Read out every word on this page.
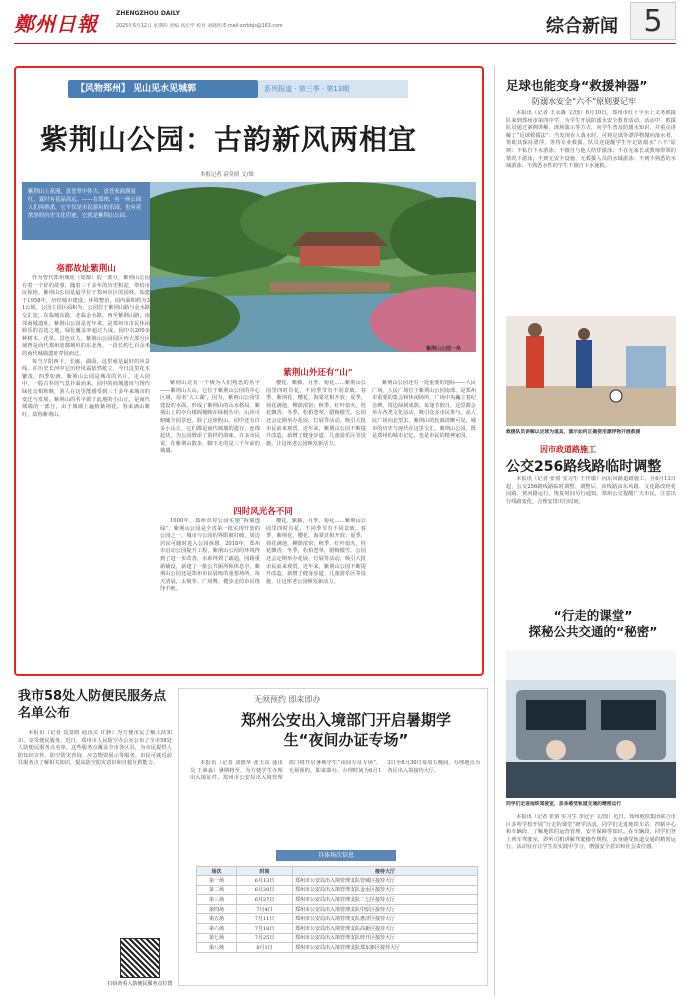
鄭州日報	ZHENGZHOU DAILY
2025年6月12日 星期四 责编 高宏学 校对 刘晓明 E-mail:zzrbbjs@163.com	综合新闻 5
【风物郑州】 见山见水见城郭	系列报道 · 第三季 · 第13期
紫荆山公园：古韵新风两相宜
本报记者 袁莫晴 文/图
紫荆山上花漫，意苍翠中怀古，意苍家韵满曼红，夏时有花晶高远。——在郑州，有一座公园人们再熟悉，它不仅是市民游玩的乐园，也有着浓厚的历史文化印迹，它就是紫荆山公园。
紫荆山公园一角
亳都故址紫荆山

作为曾代郑州城址（亳都）的一部分，紫荆山公园有着一个好的故事，随着三千多年的历史积淀，带给市民惊艳。紫荆山公园是最早位于郑州市区的园林，始建于1958年，历经城市建设、环境整治，园内面积约为31公顷，公园主园区面积为。公园位于紫荆山路与金水路交汇处，东临城东路，北临金水路，西至紫荆山路，南邻商城遗址。紫荆山公园是近年来，是郑州市市民休闲娱乐的首选之地，绿化覆盖率超过九成，园中有200多种树木、花草，景色宜人。紫荆山公园园区内大部分区域曾是商代郑州亳都城垣的东北角，一段长约七百余米的商代城墙遗址穿园而过。

每当夕阳西下，长廊、湖面，这里就是最好的风景线。在历史长河中它历经风霜依然屹立，今日这里花木繁茂，四季如画。紫荆山公园是城市的名片，走入园中，一股古朴的气息扑面而来。园中的商城遗址与现代绿化交相辉映，游人在这里能感受到三千多年来城市的变迁与发展。紫荆山的名字源于此地的小山丘，是商代城墙的一部分，由于城墙上遍植紫荆花，春来满山紫红，故称紫荆山。

紫荆山外还有“山”

紫荆山北有一个极为人们熟悉的名字——紫荆山大山，它位于紫荆山公园的中心区域，原名‘人工湖’，因为，紫荆山公园里建设的水面，形成了紫荆山的山水格局。紫荆山上的亭台楼阁掩映在绿树丛中，山顶可俯瞰全园景色。除了这座假山，园中还有许多小山丘，它们都是商代城墙的遗存，连绵起伏，为公园增添了别样的韵味。许多市民说，在紫荆山散步，脚下走的是三千年前的城墙。

樱花、紫藤、月季、菊花……紫荆山公园里四时有花，不同季节有不同景致。春季，紫荆花、樱花、海棠竞相开放；夏季，荷花满池，柳荫浓密；秋季，红叶似火，桂花飘香；冬季，松柏苍翠，腊梅傲雪。公园还会定期举办花展、灯展等活动，吸引大批市民前来观赏。近年来，紫荆山公园不断提升改造，新增了健身步道、儿童游乐区等设施，让这座老公园焕发新活力。

紫荆山公园还有一处重要的地标——人民广场。人民广场位于紫荆山公园南部，是郑州市重要的集会和休闲场所，广场中央矗立着纪念碑，周边绿树成荫。每逢节假日，这里都会举办各类文化活动，吸引众多市民参与。从人民广场向北望去，紫荆山的轮廓清晰可见，城市的历史与现代在这里交汇。紫荆山公园，既是郑州的城市记忆，也是市民的精神家园。

四时风光各不同

1000年，郑州市对公园实施“拆墙透绿”，紫荆山公园是全省第一批实现开放的公园之一，城市与公园的界限被打破，周边居民可随时进入公园休憩。2018年，郑州市启动公园提升工程，紫荆山公园的环境得到了进一步改善，水系得到了疏通，园路重新铺设，新建了一批公共厕所和休息亭。紫荆山公园还是郑州市民晨练的重要场所，每天清晨，太极拳、广场舞、健步走的市民络绎不绝。

樱花、紫藤、月季、菊花……紫荆山公园里四时有花，不同季节有不同景致。春季，紫荆花、樱花、海棠竞相开放；夏季，荷花满池，柳荫浓密；秋季，红叶似火，桂花飘香；冬季，松柏苍翠，腊梅傲雪。公园还会定期举办花展、灯展等活动，吸引大批市民前来观赏。近年来，紫荆山公园不断提升改造，新增了健身步道、儿童游乐区等设施，让这座老公园焕发新活力。

足球也能变身“救援神器”
防溺水安全“六不”原则要记牢

本报讯（记者 王永森 文/图）6月10日，郑州市红十字水上义务救援队来到郑州市第四中学，为学生开展防溺水安全教育活动。活动中，救援队员通过案例讲解、现场演示等方式，向学生普及防溺水知识，并重点讲解了“足球救援法”：当发现有人落水时，可将足球等漂浮物抛向落水者，帮助其保持漂浮，等待专业救援。队员还提醒学生牢记防溺水“六不”原则：不私自下水游泳；不擅自与他人结伴游泳；不在无家长或教师带领的情况下游泳；不到无安全设施、无救援人员的水域游泳；不到不熟悉的水域游泳；不熟悉水性的学生不擅自下水施救。

救援队员讲解以足球为道具，演示如何正确使用漂浮物开展救援
因市政道路施工
公交256路线路临时调整

本报讯（记者 张倩 实习生 王佳敏）因东风路道路施工，自6月13日起，公交256路线路临时调整。调整后，该线路由东风路、文化路改经花园路、黄河路运行，恢复时间另行通知。郑州公交提醒广大市民，注意出行线路变化，合理安排出行时间。

“行走的课堂”
探秘公共交通的“秘密”
同学们走进地铁驾驶室，亲身感受轨道交通的精密运行

本报讯（记者 张倩 实习生 李冠宇 文/图）近日，郑州地铁集团联合市区多所学校开展“行走的课堂”研学活动。同学们走进地铁车站、控制中心和车辆段，了解地铁的运营管理、安全保障等知识。在车辆段，同学们登上列车驾驶室，聆听司机讲解驾驶操作规程，亲身感受轨道交通的精密运行。活动旨在让学生在实践中学习，增强安全意识和社会责任感。

我市58处人防便民服务点名单公布

本报讯（记者 袁莫晴 通讯员 许静）为方便市民了解人防知识、享受便民服务，近日，郑州市人民防空办公室公布了全市58处人防便民服务点名单。这些服务点覆盖全市各区县，为市民提供人防知识宣传、防空防灾咨询、应急物资展示等服务。市民可就近前往服务点了解相关知识，提高防空防灾意识和自救互救能力。

扫码查看人防便民服务点位置
无须预约 即来即办
郑州公安出入境部门开启暑期学生“夜间办证专场”

本报讯（记者 刘德华 张玉东 通讯员 王素淼）暑期将至，为方便学生办理出入境证件，郑州市公安局出入境管理部门将开启暑期学生“夜间办证专场”，无须预约，即来即办。办理时间为6月13日至8月30日每周五晚间，办理地点为各区出入境接待大厅。

具体场次信息
场次	时间	接待大厅
第一场	6月13日	郑州市公安局出入境管理支队管城区接待大厅
第二场	6月20日	郑州市公安局出入境管理支队金水区接待大厅
第三场	6月27日	郑州市公安局出入境管理支队二七区接待大厅
第四场	7月4日	郑州市公安局出入境管理支队中原区接待大厅
第五场	7月11日	郑州市公安局出入境管理支队惠济区接待大厅
第六场	7月18日	郑州市公安局出入境管理支队高新区接待大厅
第七场	7月25日	郑州市公安局出入境管理支队经开区接待大厅
第八场	8月1日	郑州市公安局出入境管理支队郑东新区接待大厅
